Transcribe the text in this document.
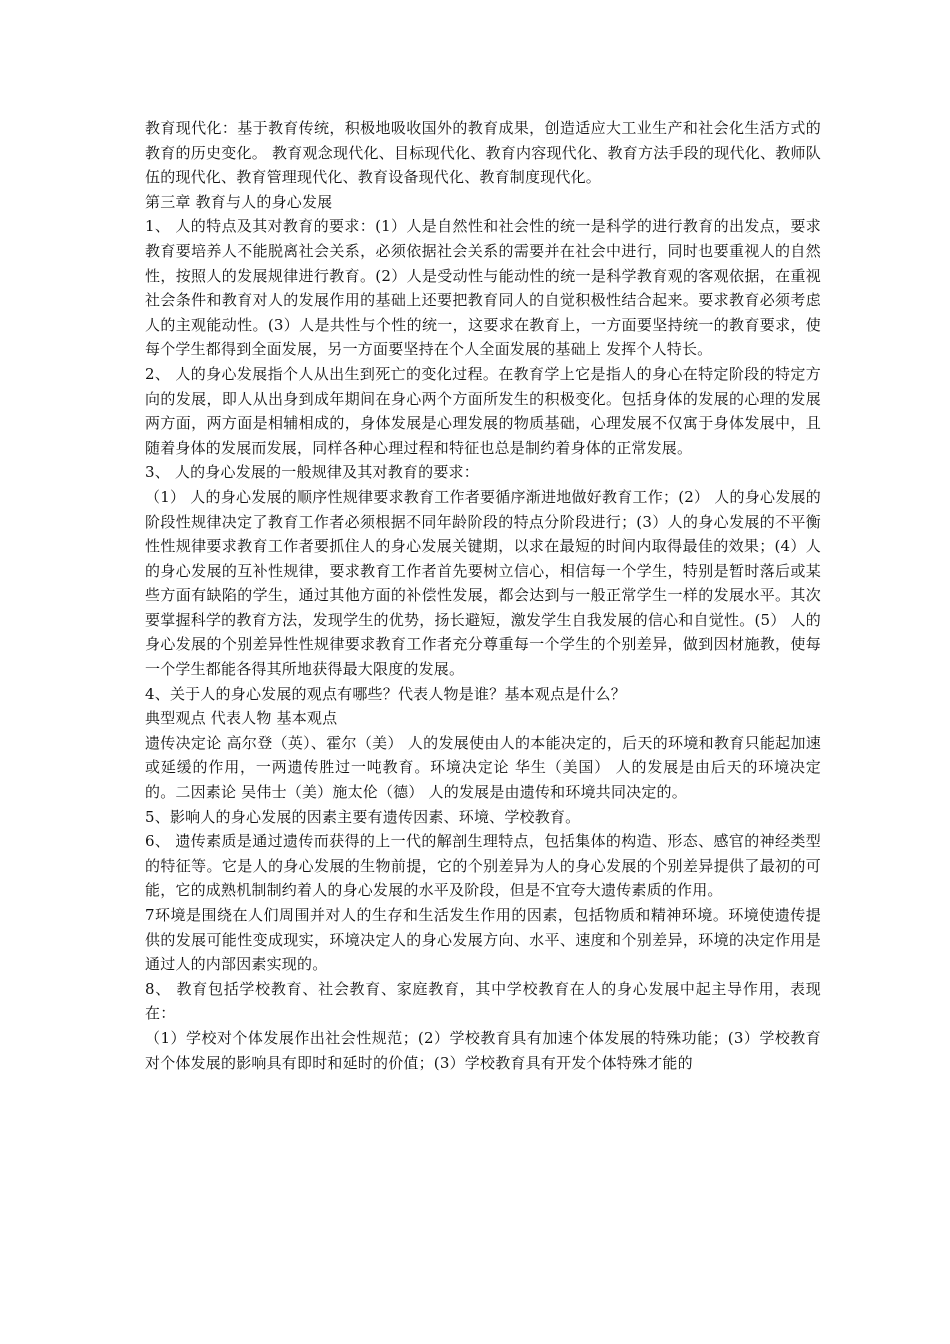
教育现代化：基于教育传统，积极地吸收国外的教育成果，创造适应大工业生产和社会化生活方式的教育的历史变化。 教育观念现代化、目标现代化、教育内容现代化、教育方法手段的现代化、教师队伍的现代化、教育管理现代化、教育设备现代化、教育制度现代化。

第三章 教育与人的身心发展

1、 人的特点及其对教育的要求：(1）人是自然性和社会性的统一是科学的进行教育的出发点，要求教育要培养人不能脱离社会关系，必须依据社会关系的需要并在社会中进行，同时也要重视人的自然性，按照人的发展规律进行教育。(2）人是受动性与能动性的统一是科学教育观的客观依据，在重视社会条件和教育对人的发展作用的基础上还要把教育同人的自觉积极性结合起来。要求教育必须考虑人的主观能动性。(3）人是共性与个性的统一，这要求在教育上，一方面要坚持统一的教育要求，使每个学生都得到全面发展，另一方面要坚持在个人全面发展的基础上 发挥个人特长。

2、 人的身心发展指个人从出生到死亡的变化过程。在教育学上它是指人的身心在特定阶段的特定方向的发展，即人从出身到成年期间在身心两个方面所发生的积极变化。包括身体的发展的心理的发展两方面，两方面是相辅相成的，身体发展是心理发展的物质基础，心理发展不仅寓于身体发展中，且随着身体的发展而发展，同样各种心理过程和特征也总是制约着身体的正常发展。

3、 人的身心发展的一般规律及其对教育的要求：

（1） 人的身心发展的顺序性规律要求教育工作者要循序渐进地做好教育工作；(2） 人的身心发展的阶段性规律决定了教育工作者必须根据不同年龄阶段的特点分阶段进行；(3）人的身心发展的不平衡性性规律要求教育工作者要抓住人的身心发展关键期，以求在最短的时间内取得最佳的效果；(4）人的身心发展的互补性规律，要求教育工作者首先要树立信心，相信每一个学生，特别是暂时落后或某些方面有缺陷的学生，通过其他方面的补偿性发展，都会达到与一般正常学生一样的发展水平。其次要掌握科学的教育方法，发现学生的优势，扬长避短，激发学生自我发展的信心和自觉性。(5） 人的身心发展的个别差异性性规律要求教育工作者充分尊重每一个学生的个别差异，做到因材施教，使每一个学生都能各得其所地获得最大限度的发展。

4、关于人的身心发展的观点有哪些？代表人物是谁？基本观点是什么？

典型观点 代表人物 基本观点

遗传决定论 高尔登（英）、霍尔（美） 人的发展使由人的本能决定的，后天的环境和教育只能起加速或延缓的作用，一两遗传胜过一吨教育。环境决定论 华生（美国） 人的发展是由后天的环境决定的。二因素论 吴伟士（美）施太伦（德） 人的发展是由遗传和环境共同决定的。

5、影响人的身心发展的因素主要有遗传因素、环境、学校教育。

6、 遗传素质是通过遗传而获得的上一代的解剖生理特点，包括集体的构造、形态、感官的神经类型的特征等。它是人的身心发展的生物前提，它的个别差异为人的身心发展的个别差异提供了最初的可能，它的成熟机制制约着人的身心发展的水平及阶段，但是不宜夸大遗传素质的作用。

7环境是围绕在人们周围并对人的生存和生活发生作用的因素，包括物质和精神环境。环境使遗传提供的发展可能性变成现实，环境决定人的身心发展方向、水平、速度和个别差异，环境的决定作用是通过人的内部因素实现的。

8、 教育包括学校教育、社会教育、家庭教育，其中学校教育在人的身心发展中起主导作用，表现在：

（1）学校对个体发展作出社会性规范；(2）学校教育具有加速个体发展的特殊功能；(3）学校教育对个体发展的影响具有即时和延时的价值；(3）学校教育具有开发个体特殊才能的
